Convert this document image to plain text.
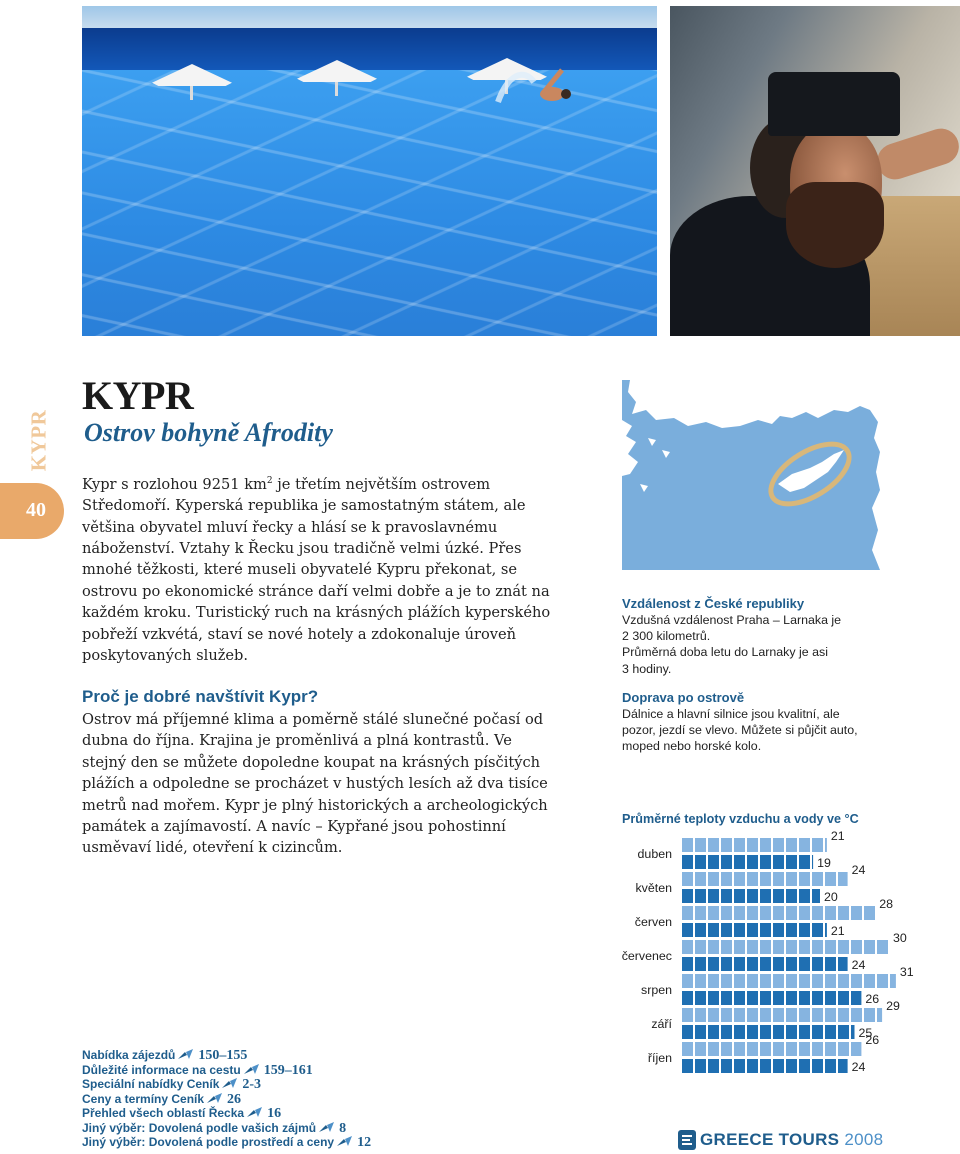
KYPR
40
KYPR
Ostrov bohyně Afrodity

Kypr s rozlohou 9251 $km^2$ je třetím největším ostrovem Středomoří. Kyperská republika je samostatným státem, ale většina obyvatel mluví řecky a hlásí se k pravoslavnému náboženství. Vztahy k Řecku jsou tradičně velmi úzké. Přes mnohé těžkosti, které museli obyvatelé Kypru překonat, se ostrovu po ekonomické stránce daří velmi dobře a je to znát na každém kroku. Turistický ruch na krásných plážích kyperského pobřeží vzkvétá, staví se nové hotely a zdokonaluje úroveň poskytovaných služeb.

Proč je dobré navštívit Kypr?

Ostrov má příjemné klima a poměrně stálé slunečné počasí od dubna do října. Krajina je proměnlivá a plná kontrastů. Ve stejný den se můžete dopoledne koupat na krásných písčitých plážích a odpoledne se procházet v hustých lesích až dva tisíce metrů nad mořem. Kypr je plný historických a archeologických památek a zajímavostí. A navíc – Kypřané jsou pohostinní usměvaví lidé, otevření k cizincům.

Nabídka zájezdů 150–155
Důležité informace na cestu 159–161
Speciální nabídky Ceník 2-3
Ceny a termíny Ceník 26
Přehled všech oblastí Řecka 16
Jiný výběr: Dovolená podle vašich zájmů 8
Jiný výběr: Dovolená podle prostředí a ceny 12
Vzdálenost z České republiky

Vzdušná vzdálenost Praha – Larnaka je

2 300 kilometrů.

Průměrná doba letu do Larnaky je asi

3 hodiny.

Doprava po ostrově

Dálnice a hlavní silnice jsou kvalitní, ale

pozor, jezdí se vlevo. Můžete si půjčit auto,

moped nebo horské kolo.

Průměrné teploty vzduchu a vody ve °C
duben
21
19
květen
24
20
červen
28
21
červenec
30
24
srpen
31
26
září
29
25
říjen
26
24
GREECE TOURS 2008
